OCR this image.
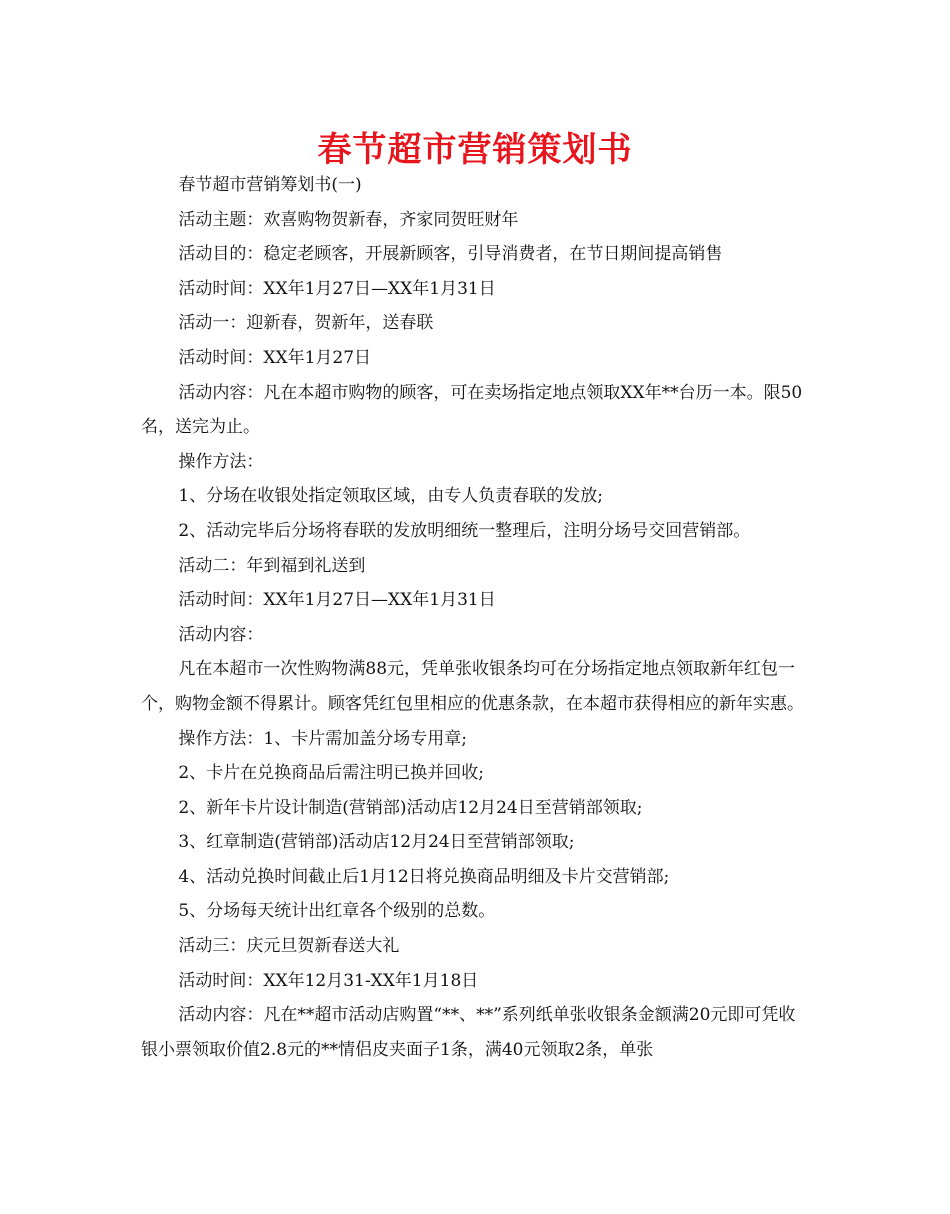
春节超市营销策划书

春节超市营销筹划书(一)

活动主题：欢喜购物贺新春，齐家同贺旺财年

活动目的：稳定老顾客，开展新顾客，引导消费者，在节日期间提高销售

活动时间：XX年1月27日—XX年1月31日

活动一：迎新春，贺新年，送春联

活动时间：XX年1月27日

活动内容：凡在本超市购物的顾客，可在卖场指定地点领取XX年**台历一本。限50名，送完为止。

操作方法：

1、分场在收银处指定领取区域，由专人负责春联的发放;

2、活动完毕后分场将春联的发放明细统一整理后，注明分场号交回营销部。

活动二：年到福到礼送到

活动时间：XX年1月27日—XX年1月31日

活动内容：

凡在本超市一次性购物满88元，凭单张收银条均可在分场指定地点领取新年红包一个，购物金额不得累计。顾客凭红包里相应的优惠条款，在本超市获得相应的新年实惠。

操作方法：1、卡片需加盖分场专用章;

2、卡片在兑换商品后需注明已换并回收;

2、新年卡片设计制造(营销部)活动店12月24日至营销部领取;

3、红章制造(营销部)活动店12月24日至营销部领取;

4、活动兑换时间截止后1月12日将兑换商品明细及卡片交营销部;

5、分场每天统计出红章各个级别的总数。

活动三：庆元旦贺新春送大礼

活动时间：XX年12月31-XX年1月18日

活动内容：凡在**超市活动店购置“**、**”系列纸单张收银条金额满20元即可凭收银小票领取价值2.8元的**情侣皮夹面子1条，满40元领取2条，单张
